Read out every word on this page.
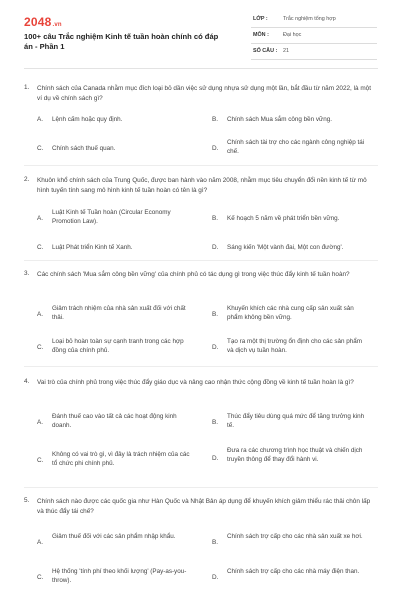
2048.vn
100+ câu Trắc nghiệm Kinh tế tuần hoàn chính có đáp án - Phần 1
LỚP :	Trắc nghiệm tổng hợp
MÔN :	Đại học
SỐ CÂU : 21
1. Chính sách của Canada nhằm mục đích loại bỏ dần việc sử dụng nhựa sử dụng một lần, bắt đầu từ năm 2022, là một ví dụ về chính sách gì?
A. Lệnh cấm hoặc quy định.	B. Chính sách Mua sắm công bền vững.
C. Chính sách thuế quan.	D.
Chính sách tài trợ cho các ngành công nghiệp tái chế.
2. Khuôn khổ chính sách của Trung Quốc, được ban hành vào năm 2008, nhằm mục tiêu chuyển đổi nền kinh tế từ mô hình tuyến tính sang mô hình kinh tế tuần hoàn có tên là gì?
A.
Luật Kinh tế Tuần hoàn (Circular Economy Promotion Law).	B. Kế hoạch 5 năm về phát triển bền vững.
C. Luật Phát triển Kinh tế Xanh.	D. Sáng kiến 'Một vành đai, Một con đường'.
3. Các chính sách 'Mua sắm công bền vững' của chính phủ có tác dụng gì trong việc thúc đẩy kinh tế tuần hoàn?
A.
Giảm trách nhiệm của nhà sản xuất đối với chất thải.	B.
Khuyến khích các nhà cung cấp sản xuất sản phẩm không bền vững.
C.
Loại bỏ hoàn toàn sự cạnh tranh trong các hợp đồng của chính phủ.	D.
Tạo ra một thị trường ổn định cho các sản phẩm và dịch vụ tuần hoàn.
4. Vai trò của chính phủ trong việc thúc đẩy giáo dục và nâng cao nhận thức cộng đồng về kinh tế tuần hoàn là gì?
A.
Đánh thuế cao vào tất cả các hoạt động kinh doanh.	B.
Thúc đẩy tiêu dùng quá mức để tăng trưởng kinh tế.
C.
Không có vai trò gì, vì đây là trách nhiệm của các tổ chức phi chính phủ.
D.
Đưa ra các chương trình học thuật và chiến dịch truyền thông để thay đổi hành vi.
5. Chính sách nào được các quốc gia như Hàn Quốc và Nhật Bản áp dụng để khuyến khích giảm thiểu rác thải chôn lấp và thúc đẩy tái chế?
A.
Giảm thuế đối với các sản phẩm nhập khẩu.
B.
Chính sách trợ cấp cho các nhà sản xuất xe hơi.
C.
Hệ thống 'tính phí theo khối lượng' (Pay-as-you-throw).	D.
Chính sách trợ cấp cho các nhà máy điện than.
